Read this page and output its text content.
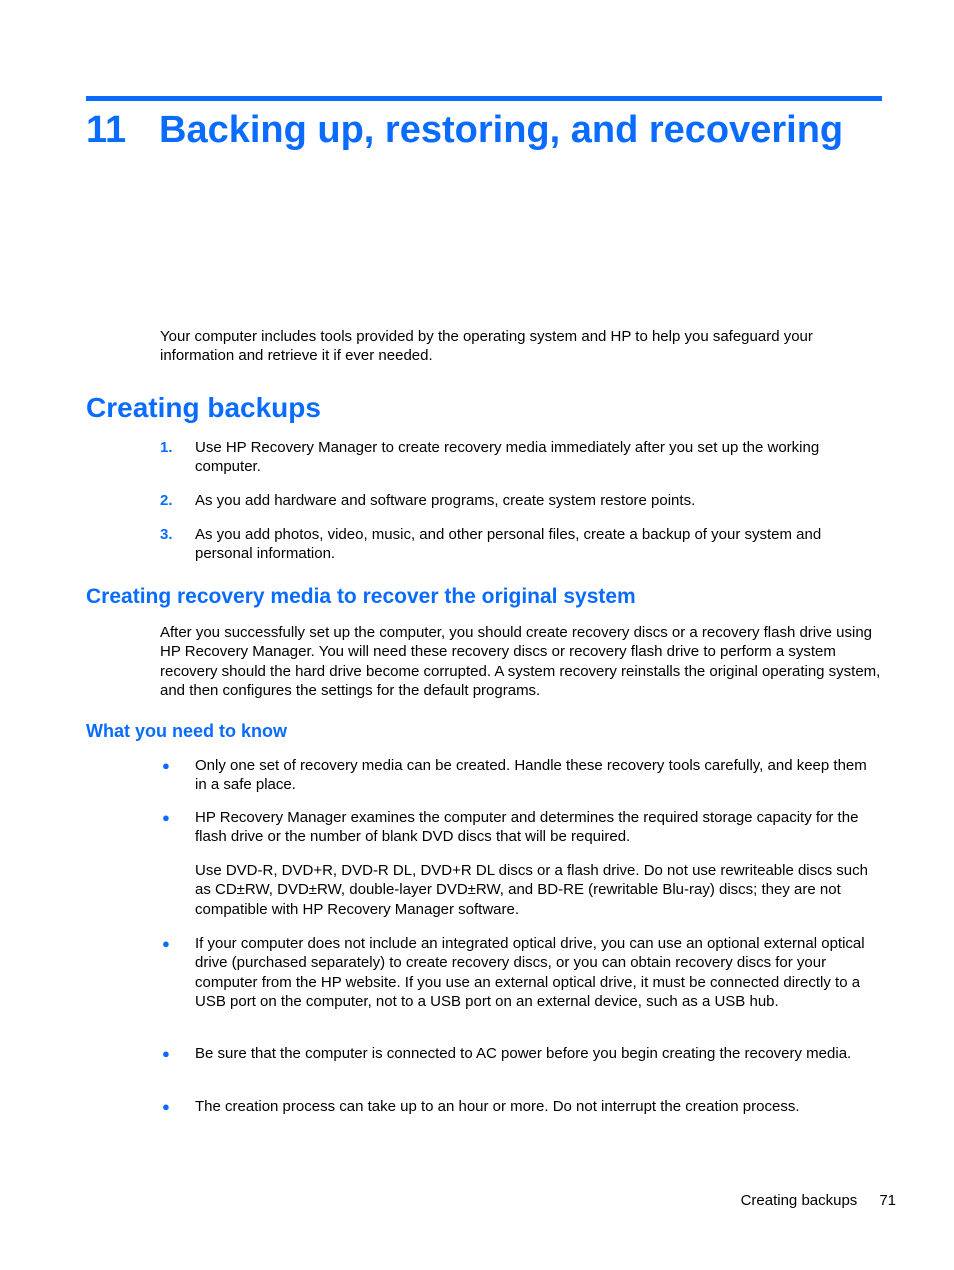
11 Backing up, restoring, and recovering
Your computer includes tools provided by the operating system and HP to help you safeguard your information and retrieve it if ever needed.
Creating backups
1. Use HP Recovery Manager to create recovery media immediately after you set up the working computer.
2. As you add hardware and software programs, create system restore points.
3. As you add photos, video, music, and other personal files, create a backup of your system and personal information.
Creating recovery media to recover the original system
After you successfully set up the computer, you should create recovery discs or a recovery flash drive using HP Recovery Manager. You will need these recovery discs or recovery flash drive to perform a system recovery should the hard drive become corrupted. A system recovery reinstalls the original operating system, and then configures the settings for the default programs.
What you need to know
● Only one set of recovery media can be created. Handle these recovery tools carefully, and keep them in a safe place.
● HP Recovery Manager examines the computer and determines the required storage capacity for the flash drive or the number of blank DVD discs that will be required.
Use DVD-R, DVD+R, DVD-R DL, DVD+R DL discs or a flash drive. Do not use rewriteable discs such as CD±RW, DVD±RW, double-layer DVD±RW, and BD-RE (rewritable Blu-ray) discs; they are not compatible with HP Recovery Manager software.
● If your computer does not include an integrated optical drive, you can use an optional external optical drive (purchased separately) to create recovery discs, or you can obtain recovery discs for your computer from the HP website. If you use an external optical drive, it must be connected directly to a USB port on the computer, not to a USB port on an external device, such as a USB hub.
● Be sure that the computer is connected to AC power before you begin creating the recovery media.
● The creation process can take up to an hour or more. Do not interrupt the creation process.
Creating backups 71
